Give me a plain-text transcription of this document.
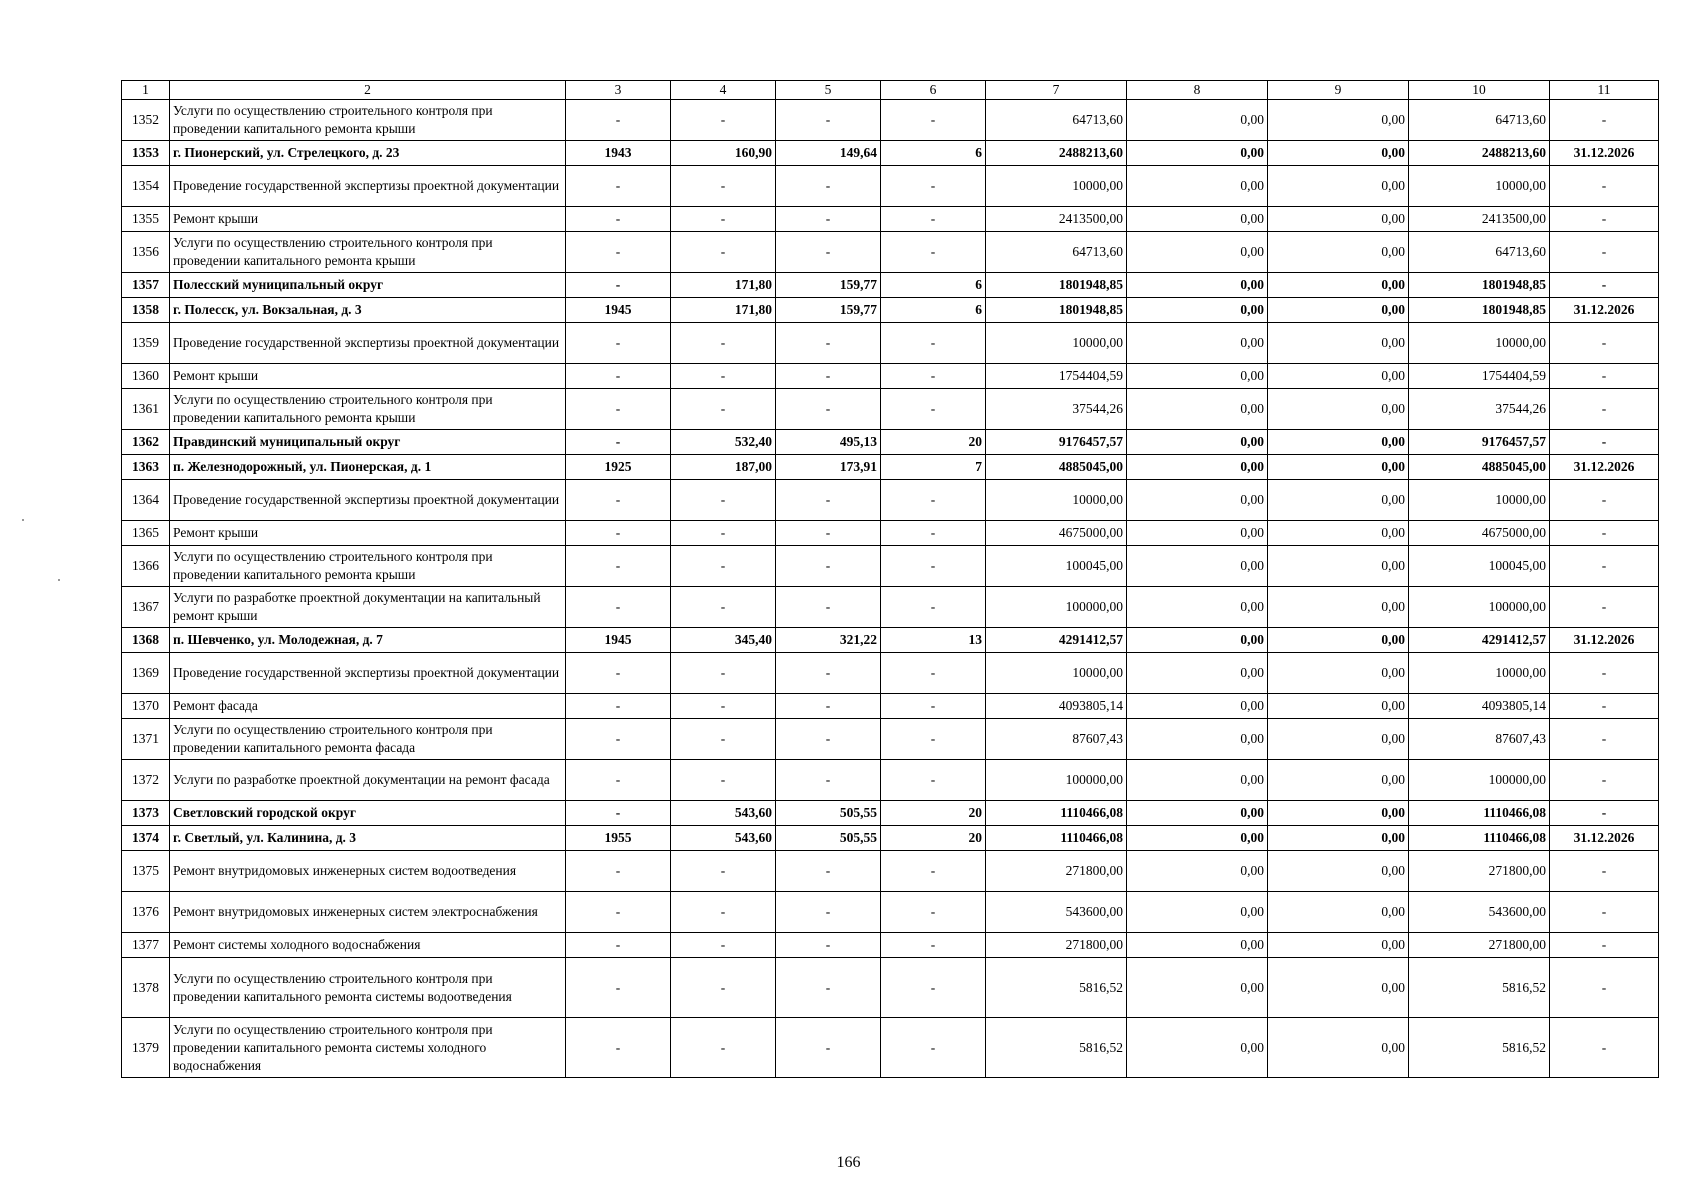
1	2	3	4	5	6	7	8	9	10	11
1352	Услуги по осуществлению строительного контроля при проведении капитального ремонта крыши	-	-	-	-	64713,60	0,00	0,00	64713,60	-
1353	г. Пионерский, ул. Стрелецкого, д. 23	1943	160,90	149,64	6	2488213,60	0,00	0,00	2488213,60	31.12.2026
1354	Проведение государственной экспертизы проектной документации	-	-	-	-	10000,00	0,00	0,00	10000,00	-
1355	Ремонт крыши	-	-	-	-	2413500,00	0,00	0,00	2413500,00	-
1356	Услуги по осуществлению строительного контроля при проведении капитального ремонта крыши	-	-	-	-	64713,60	0,00	0,00	64713,60	-
1357	Полесский муниципальный округ	-	171,80	159,77	6	1801948,85	0,00	0,00	1801948,85	-
1358	г. Полесск, ул. Вокзальная, д. 3	1945	171,80	159,77	6	1801948,85	0,00	0,00	1801948,85	31.12.2026
1359	Проведение государственной экспертизы проектной документации	-	-	-	-	10000,00	0,00	0,00	10000,00	-
1360	Ремонт крыши	-	-	-	-	1754404,59	0,00	0,00	1754404,59	-
1361	Услуги по осуществлению строительного контроля при проведении капитального ремонта крыши	-	-	-	-	37544,26	0,00	0,00	37544,26	-
1362	Правдинский муниципальный округ	-	532,40	495,13	20	9176457,57	0,00	0,00	9176457,57	-
1363	п. Железнодорожный, ул. Пионерская, д. 1	1925	187,00	173,91	7	4885045,00	0,00	0,00	4885045,00	31.12.2026
1364	Проведение государственной экспертизы проектной документации	-	-	-	-	10000,00	0,00	0,00	10000,00	-
1365	Ремонт крыши	-	-	-	-	4675000,00	0,00	0,00	4675000,00	-
1366	Услуги по осуществлению строительного контроля при проведении капитального ремонта крыши	-	-	-	-	100045,00	0,00	0,00	100045,00	-
1367	Услуги по разработке проектной документации на капитальный ремонт крыши	-	-	-	-	100000,00	0,00	0,00	100000,00	-
1368	п. Шевченко, ул. Молодежная, д. 7	1945	345,40	321,22	13	4291412,57	0,00	0,00	4291412,57	31.12.2026
1369	Проведение государственной экспертизы проектной документации	-	-	-	-	10000,00	0,00	0,00	10000,00	-
1370	Ремонт фасада	-	-	-	-	4093805,14	0,00	0,00	4093805,14	-
1371	Услуги по осуществлению строительного контроля при проведении капитального ремонта фасада	-	-	-	-	87607,43	0,00	0,00	87607,43	-
1372	Услуги по разработке проектной документации на ремонт фасада	-	-	-	-	100000,00	0,00	0,00	100000,00	-
1373	Светловский городской округ	-	543,60	505,55	20	1110466,08	0,00	0,00	1110466,08	-
1374	г. Светлый, ул. Калинина, д. 3	1955	543,60	505,55	20	1110466,08	0,00	0,00	1110466,08	31.12.2026
1375	Ремонт внутридомовых инженерных систем водоотведения	-	-	-	-	271800,00	0,00	0,00	271800,00	-
1376	Ремонт внутридомовых инженерных систем электроснабжения	-	-	-	-	543600,00	0,00	0,00	543600,00	-
1377	Ремонт системы холодного водоснабжения	-	-	-	-	271800,00	0,00	0,00	271800,00	-
1378	Услуги по осуществлению строительного контроля при проведении капитального ремонта системы водоотведения	-	-	-	-	5816,52	0,00	0,00	5816,52	-
1379	Услуги по осуществлению строительного контроля при проведении капитального ремонта системы холодного водоснабжения	-	-	-	-	5816,52	0,00	0,00	5816,52	-
166
